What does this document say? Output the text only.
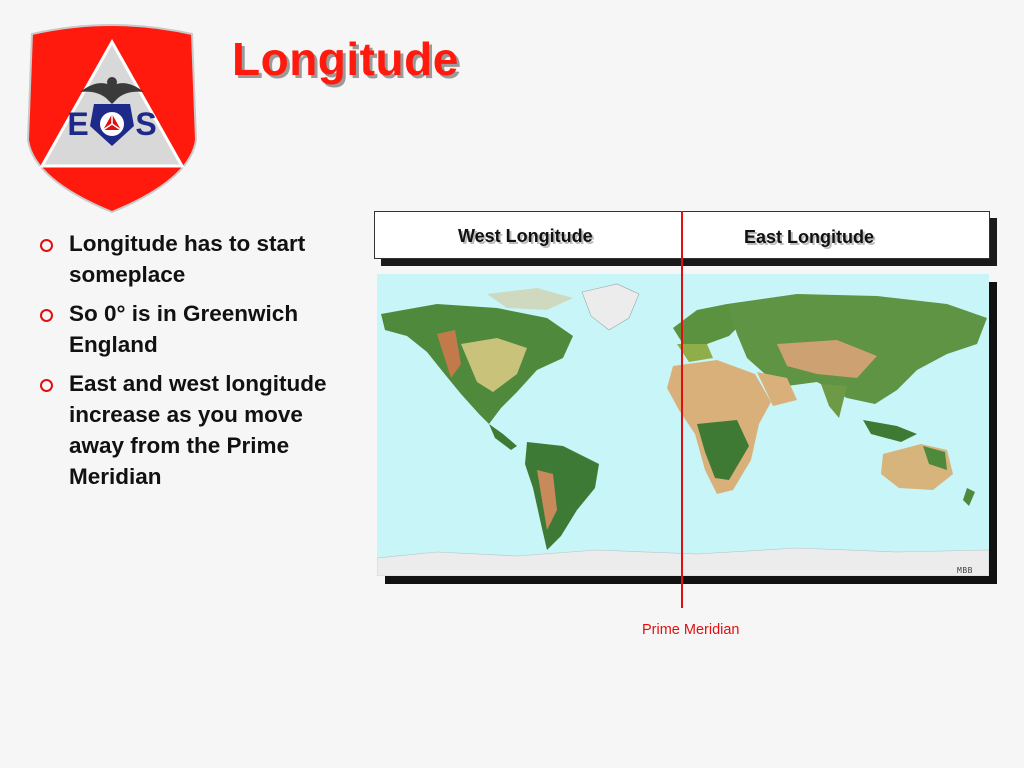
E S
Longitude
Longitude has to start someplace
So 0° is in Greenwich England
East and west longitude increase as you move away from the Prime Meridian
West Longitude	East Longitude
MBB
Prime Meridian
